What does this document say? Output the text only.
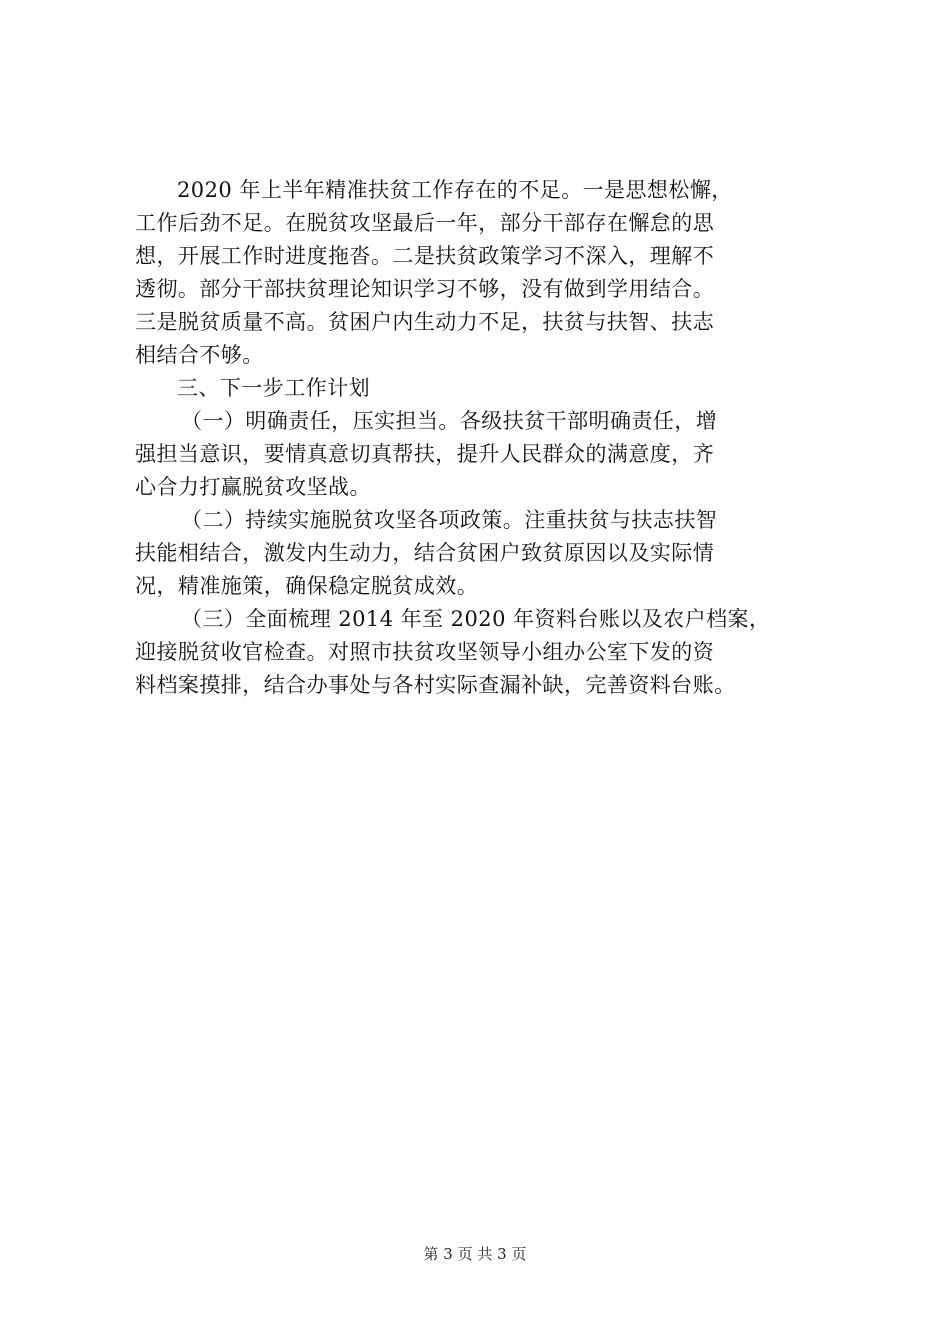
2020 年上半年精准扶贫工作存在的不足。一是思想松懈，
工作后劲不足。在脱贫攻坚最后一年，部分干部存在懈怠的思
想，开展工作时进度拖沓。二是扶贫政策学习不深入，理解不
透彻。部分干部扶贫理论知识学习不够，没有做到学用结合。
三是脱贫质量不高。贫困户内生动力不足，扶贫与扶智、扶志
相结合不够。
三、下一步工作计划
（一）明确责任，压实担当。各级扶贫干部明确责任，增
强担当意识，要情真意切真帮扶，提升人民群众的满意度，齐
心合力打赢脱贫攻坚战。
（二）持续实施脱贫攻坚各项政策。注重扶贫与扶志扶智
扶能相结合，激发内生动力，结合贫困户致贫原因以及实际情
况，精准施策，确保稳定脱贫成效。
（三）全面梳理 2014 年至 2020 年资料台账以及农户档案，
迎接脱贫收官检查。对照市扶贫攻坚领导小组办公室下发的资
料档案摸排，结合办事处与各村实际查漏补缺，完善资料台账。
第 3 页 共 3 页
